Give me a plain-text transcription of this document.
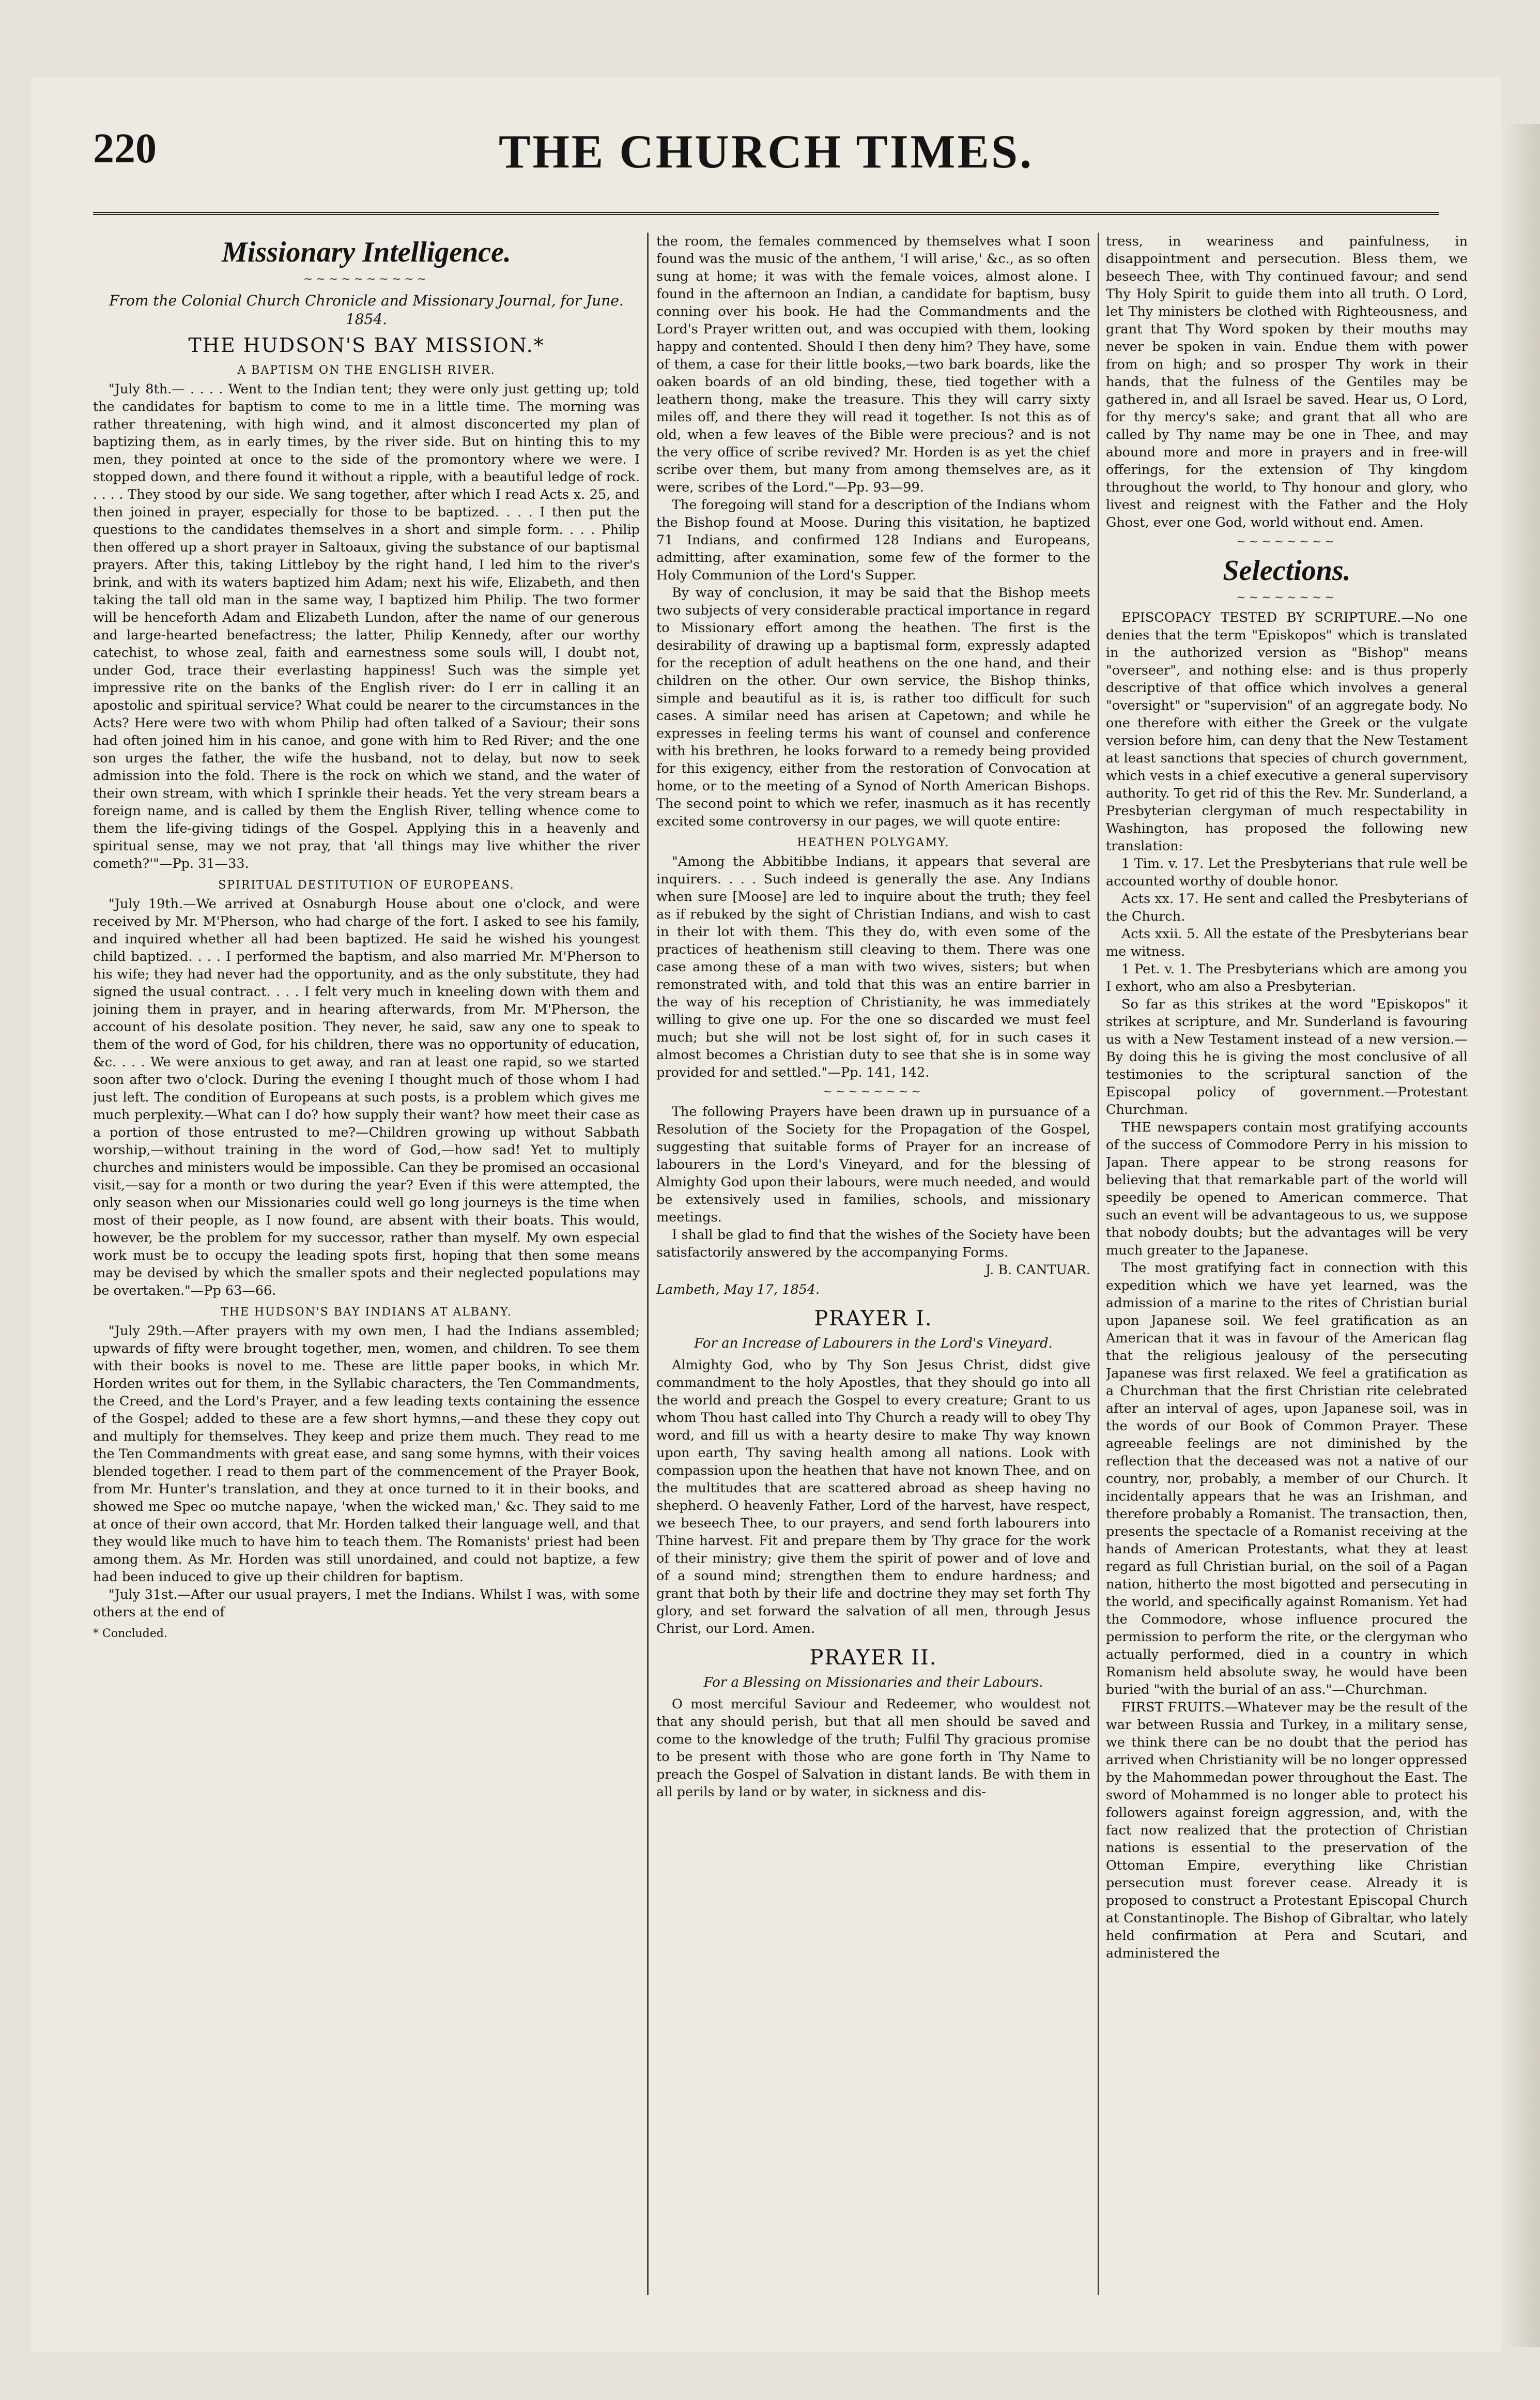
220	THE CHURCH TIMES.
Missionary Intelligence.
~~~~~~~~~~
From the Colonial Church Chronicle and Missionary Journal, for June. 1854.
THE HUDSON'S BAY MISSION.*
A BAPTISM ON THE ENGLISH RIVER.

"July 8th.— . . . . Went to the Indian tent; they were only just getting up; told the candidates for baptism to come to me in a little time. The morning was rather threatening, with high wind, and it almost disconcerted my plan of baptizing them, as in early times, by the river side. But on hinting this to my men, they pointed at once to the side of the promontory where we were. I stopped down, and there found it without a ripple, with a beautiful ledge of rock. . . . . They stood by our side. We sang together, after which I read Acts x. 25, and then joined in prayer, especially for those to be baptized. . . . I then put the questions to the candidates themselves in a short and simple form. . . . Philip then offered up a short prayer in Saltoaux, giving the substance of our baptismal prayers. After this, taking Littleboy by the right hand, I led him to the river's brink, and with its waters baptized him Adam; next his wife, Elizabeth, and then taking the tall old man in the same way, I baptized him Philip. The two former will be henceforth Adam and Elizabeth Lundon, after the name of our generous and large-hearted benefactress; the latter, Philip Kennedy, after our worthy catechist, to whose zeal, faith and earnestness some souls will, I doubt not, under God, trace their everlasting happiness! Such was the simple yet impressive rite on the banks of the English river: do I err in calling it an apostolic and spiritual service? What could be nearer to the circumstances in the Acts? Here were two with whom Philip had often talked of a Saviour; their sons had often joined him in his canoe, and gone with him to Red River; and the one son urges the father, the wife the husband, not to delay, but now to seek admission into the fold. There is the rock on which we stand, and the water of their own stream, with which I sprinkle their heads. Yet the very stream bears a foreign name, and is called by them the English River, telling whence come to them the life-giving tidings of the Gospel. Applying this in a heavenly and spiritual sense, may we not pray, that 'all things may live whither the river cometh?'"—Pp. 31—33.

SPIRITUAL DESTITUTION OF EUROPEANS.

"July 19th.—We arrived at Osnaburgh House about one o'clock, and were received by Mr. M'Pherson, who had charge of the fort. I asked to see his family, and inquired whether all had been baptized. He said he wished his youngest child baptized. . . . I performed the baptism, and also married Mr. M'Pherson to his wife; they had never had the opportunity, and as the only substitute, they had signed the usual contract. . . . I felt very much in kneeling down with them and joining them in prayer, and in hearing afterwards, from Mr. M'Pherson, the account of his desolate position. They never, he said, saw any one to speak to them of the word of God, for his children, there was no opportunity of education, &c. . . . We were anxious to get away, and ran at least one rapid, so we started soon after two o'clock. During the evening I thought much of those whom I had just left. The condition of Europeans at such posts, is a problem which gives me much perplexity.—What can I do? how supply their want? how meet their case as a portion of those entrusted to me?—Children growing up without Sabbath worship,—without training in the word of God,—how sad! Yet to multiply churches and ministers would be impossible. Can they be promised an occasional visit,—say for a month or two during the year? Even if this were attempted, the only season when our Missionaries could well go long journeys is the time when most of their people, as I now found, are absent with their boats. This would, however, be the problem for my successor, rather than myself. My own especial work must be to occupy the leading spots first, hoping that then some means may be devised by which the smaller spots and their neglected populations may be overtaken."—Pp 63—66.

THE HUDSON'S BAY INDIANS AT ALBANY.

"July 29th.—After prayers with my own men, I had the Indians assembled; upwards of fifty were brought together, men, women, and children. To see them with their books is novel to me. These are little paper books, in which Mr. Horden writes out for them, in the Syllabic characters, the Ten Commandments, the Creed, and the Lord's Prayer, and a few leading texts containing the essence of the Gospel; added to these are a few short hymns,—and these they copy out and multiply for themselves. They keep and prize them much. They read to me the Ten Commandments with great ease, and sang some hymns, with their voices blended together. I read to them part of the commencement of the Prayer Book, from Mr. Hunter's translation, and they at once turned to it in their books, and showed me Spec oo mutche napaye, 'when the wicked man,' &c. They said to me at once of their own accord, that Mr. Horden talked their language well, and that they would like much to have him to teach them. The Romanists' priest had been among them. As Mr. Horden was still unordained, and could not baptize, a few had been induced to give up their children for baptism.

"July 31st.—After our usual prayers, I met the Indians. Whilst I was, with some others at the end of

* Concluded.

the room, the females commenced by themselves what I soon found was the music of the anthem, 'I will arise,' &c., as so often sung at home; it was with the female voices, almost alone. I found in the afternoon an Indian, a candidate for baptism, busy conning over his book. He had the Commandments and the Lord's Prayer written out, and was occupied with them, looking happy and contented. Should I then deny him? They have, some of them, a case for their little books,—two bark boards, like the oaken boards of an old binding, these, tied together with a leathern thong, make the treasure. This they will carry sixty miles off, and there they will read it together. Is not this as of old, when a few leaves of the Bible were precious? and is not the very office of scribe revived? Mr. Horden is as yet the chief scribe over them, but many from among themselves are, as it were, scribes of the Lord."—Pp. 93—99.

The foregoing will stand for a description of the Indians whom the Bishop found at Moose. During this visitation, he baptized 71 Indians, and confirmed 128 Indians and Europeans, admitting, after examination, some few of the former to the Holy Communion of the Lord's Supper.

By way of conclusion, it may be said that the Bishop meets two subjects of very considerable practical importance in regard to Missionary effort among the heathen. The first is the desirability of drawing up a baptismal form, expressly adapted for the reception of adult heathens on the one hand, and their children on the other. Our own service, the Bishop thinks, simple and beautiful as it is, is rather too difficult for such cases. A similar need has arisen at Capetown; and while he expresses in feeling terms his want of counsel and conference with his brethren, he looks forward to a remedy being provided for this exigency, either from the restoration of Convocation at home, or to the meeting of a Synod of North American Bishops. The second point to which we refer, inasmuch as it has recently excited some controversy in our pages, we will quote entire:

HEATHEN POLYGAMY.

"Among the Abbitibbe Indians, it appears that several are inquirers. . . . Such indeed is generally the ase. Any Indians when sure [Moose] are led to inquire about the truth; they feel as if rebuked by the sight of Christian Indians, and wish to cast in their lot with them. This they do, with even some of the practices of heathenism still cleaving to them. There was one case among these of a man with two wives, sisters; but when remonstrated with, and told that this was an entire barrier in the way of his reception of Christianity, he was immediately willing to give one up. For the one so discarded we must feel much; but she will not be lost sight of, for in such cases it almost becomes a Christian duty to see that she is in some way provided for and settled."—Pp. 141, 142.

~~~~~~~~

The following Prayers have been drawn up in pursuance of a Resolution of the Society for the Propagation of the Gospel, suggesting that suitable forms of Prayer for an increase of labourers in the Lord's Vineyard, and for the blessing of Almighty God upon their labours, were much needed, and would be extensively used in families, schools, and missionary meetings.

I shall be glad to find that the wishes of the Society have been satisfactorily answered by the accompanying Forms.

J. B. CANTUAR.
Lambeth, May 17, 1854.
PRAYER I.
For an Increase of Labourers in the Lord's Vineyard.

Almighty God, who by Thy Son Jesus Christ, didst give commandment to the holy Apostles, that they should go into all the world and preach the Gospel to every creature; Grant to us whom Thou hast called into Thy Church a ready will to obey Thy word, and fill us with a hearty desire to make Thy way known upon earth, Thy saving health among all nations. Look with compassion upon the heathen that have not known Thee, and on the multitudes that are scattered abroad as sheep having no shepherd. O heavenly Father, Lord of the harvest, have respect, we beseech Thee, to our prayers, and send forth labourers into Thine harvest. Fit and prepare them by Thy grace for the work of their ministry; give them the spirit of power and of love and of a sound mind; strengthen them to endure hardness; and grant that both by their life and doctrine they may set forth Thy glory, and set forward the salvation of all men, through Jesus Christ, our Lord. Amen.

PRAYER II.
For a Blessing on Missionaries and their Labours.

O most merciful Saviour and Redeemer, who wouldest not that any should perish, but that all men should be saved and come to the knowledge of the truth; Fulfil Thy gracious promise to be present with those who are gone forth in Thy Name to preach the Gospel of Salvation in distant lands. Be with them in all perils by land or by water, in sickness and dis-

tress, in weariness and painfulness, in disappointment and persecution. Bless them, we beseech Thee, with Thy continued favour; and send Thy Holy Spirit to guide them into all truth. O Lord, let Thy ministers be clothed with Righteousness, and grant that Thy Word spoken by their mouths may never be spoken in vain. Endue them with power from on high; and so prosper Thy work in their hands, that the fulness of the Gentiles may be gathered in, and all Israel be saved. Hear us, O Lord, for thy mercy's sake; and grant that all who are called by Thy name may be one in Thee, and may abound more and more in prayers and in free-will offerings, for the extension of Thy kingdom throughout the world, to Thy honour and glory, who livest and reignest with the Father and the Holy Ghost, ever one God, world without end. Amen.

~~~~~~~~
Selections.
~~~~~~~~

EPISCOPACY TESTED BY SCRIPTURE.—No one denies that the term "Episkopos" which is translated in the authorized version as "Bishop" means "overseer", and nothing else: and is thus properly descriptive of that office which involves a general "oversight" or "supervision" of an aggregate body. No one therefore with either the Greek or the vulgate version before him, can deny that the New Testament at least sanctions that species of church government, which vests in a chief executive a general supervisory authority. To get rid of this the Rev. Mr. Sunderland, a Presbyterian clergyman of much respectability in Washington, has proposed the following new translation:

1 Tim. v. 17. Let the Presbyterians that rule well be accounted worthy of double honor.

Acts xx. 17. He sent and called the Presbyterians of the Church.

Acts xxii. 5. All the estate of the Presbyterians bear me witness.

1 Pet. v. 1. The Presbyterians which are among you I exhort, who am also a Presbyterian.

So far as this strikes at the word "Episkopos" it strikes at scripture, and Mr. Sunderland is favouring us with a New Testament instead of a new version.—By doing this he is giving the most conclusive of all testimonies to the scriptural sanction of the Episcopal policy of government.—Protestant Churchman.

THE newspapers contain most gratifying accounts of the success of Commodore Perry in his mission to Japan. There appear to be strong reasons for believing that that remarkable part of the world will speedily be opened to American commerce. That such an event will be advantageous to us, we suppose that nobody doubts; but the advantages will be very much greater to the Japanese.

The most gratifying fact in connection with this expedition which we have yet learned, was the admission of a marine to the rites of Christian burial upon Japanese soil. We feel gratification as an American that it was in favour of the American flag that the religious jealousy of the persecuting Japanese was first relaxed. We feel a gratification as a Churchman that the first Christian rite celebrated after an interval of ages, upon Japanese soil, was in the words of our Book of Common Prayer. These agreeable feelings are not diminished by the reflection that the deceased was not a native of our country, nor, probably, a member of our Church. It incidentally appears that he was an Irishman, and therefore probably a Romanist. The transaction, then, presents the spectacle of a Romanist receiving at the hands of American Protestants, what they at least regard as full Christian burial, on the soil of a Pagan nation, hitherto the most bigotted and persecuting in the world, and specifically against Romanism. Yet had the Commodore, whose influence procured the permission to perform the rite, or the clergyman who actually performed, died in a country in which Romanism held absolute sway, he would have been buried "with the burial of an ass."—Churchman.

FIRST FRUITS.—Whatever may be the result of the war between Russia and Turkey, in a military sense, we think there can be no doubt that the period has arrived when Christianity will be no longer oppressed by the Mahommedan power throughout the East. The sword of Mohammed is no longer able to protect his followers against foreign aggression, and, with the fact now realized that the protection of Christian nations is essential to the preservation of the Ottoman Empire, everything like Christian persecution must forever cease. Already it is proposed to construct a Protestant Episcopal Church at Constantinople. The Bishop of Gibraltar, who lately held confirmation at Pera and Scutari, and administered the
